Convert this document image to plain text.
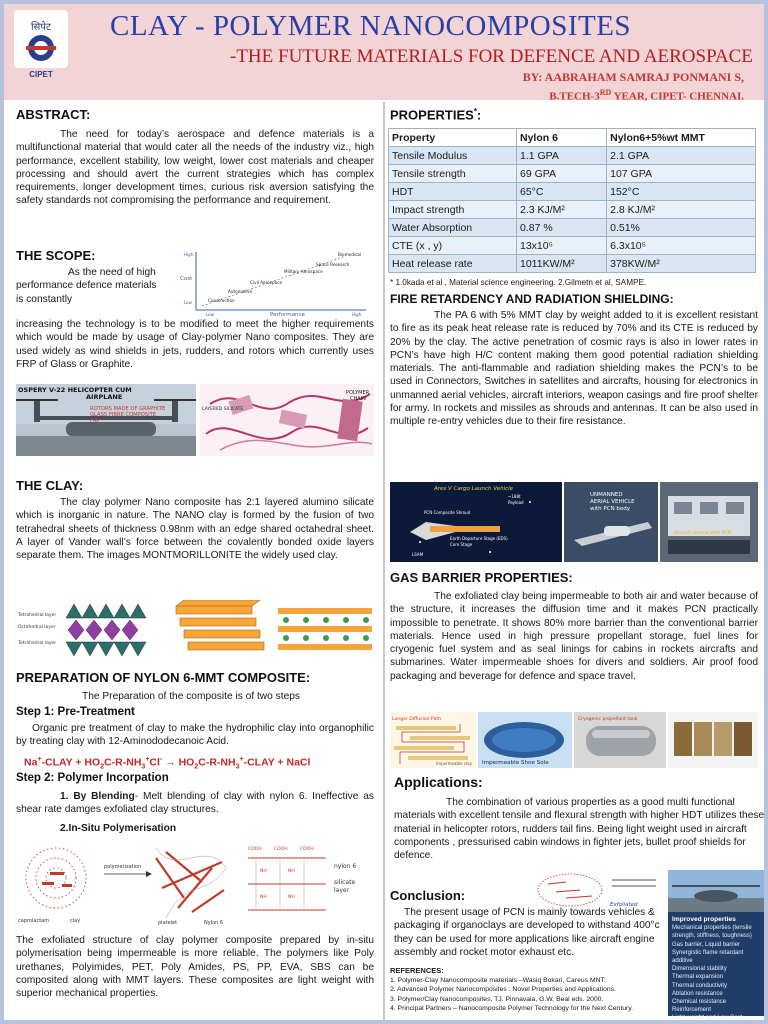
सिपेट
CIPET
CLAY - POLYMER NANOCOMPOSITES
-THE FUTURE MATERIALS FOR DEFENCE AND AEROSPACE
BY: AABRAHAM SAMRAJ PONMANI S,
B.TECH-3RD YEAR, CIPET- CHENNAI.
ABSTRACT:
The need for today’s aerospace and defence materials is a multifunctional material that would cater all the needs of the industry viz., high performance, excellent stability, low weight, lower cost materials and cheaper processing and should avert the current strategies which has complex requirements, longer development times, curious risk aversion satisfying the safety standards not compromising the performance and requirement.
THE SCOPE:
As the need of high performance defence materials is constantly
Cost
High
Low
Low	Performance	High
Construction
Automotive
Civil Aerospace
Military Aerospace
Space Research
Biomedical
increasing the technology is to be modified to meet the higher requirements which would be made by usage of Clay-polymer Nano composites. They are used widely as wind shields in jets, rudders, and rotors which currently uses FRP of Glass or Graphite.
OSPERY V-22 HELICOPTER CUM
AIRPLANE
ROTORS MADE OF GRAPHITE
GLASS FIBRE COMPOSITE
FRP
POLYMER
CHAIN
LAYERED SILICATE
THE CLAY:
The clay polymer Nano composite has 2:1 layered alumino silicate which is inorganic in nature. The NANO clay is formed by the fusion of two tetrahedral sheets of thickness 0.98nm with an edge shared octahedral sheet. A layer of Vander wall’s force between the covalently bonded oxide layers separate them. The images MONTMORILLONITE the widely used clay.
Tetrahedral layer
Octahedral layer
Tetrahedral layer
PREPARATION OF NYLON 6-MMT COMPOSITE:
The Preparation of the composite is of two steps
Step 1: Pre-Treatment
Organic pre treatment of clay to make the hydrophilic clay into organophilic by treating clay with 12-Aminododecanoic Acid.
Na+-CLAY + $HO_2C-R-NH_3^+Cl^-$ → $HO_2C-R-NH_3^+$-CLAY + NaCl
Step 2: Polymer Incorpation
1. By Blending- Melt blending of clay with nylon 6. Ineffective as shear rate damges exfoliated clay structures.
2.In-Situ Polymerisation
caprolactam	clay
polymerization
platelet	Nylon 6
COOH	COOH	COOH
NH	NH
NH	NH
nylon 6
silicate
layer
The exfoliated structure of clay polymer composite prepared by in-situ polymerisation being impermeable is more reliable. The polymers like Poly urethanes, Polyimides, PET, Poly Amides, PS, PP, EVA, SBS can be composited along with MMT layers. These composites are light weight with superior mechanical properties.
PROPERTIES*:
Property	Nylon 6	Nylon6+5%wt MMT
Tensile Modulus	1.1 GPA	2.1 GPA
Tensile strength	69 GPA	107 GPA
HDT	65°C	152°C
Impact strength	2.3 KJ/M²	2.8 KJ/M²
Water Absorption	0.87 %	0.51%
CTE (x , y)	13x10⁵	6.3x10⁵
Heat release rate	1011KW/M²	378KW/M²
* 1.0kada et al , Material science engineering. 2.Gilmetn et al, SAMPE.
FIRE RETARDENCY AND RADIATION SHIELDING:
The PA 6 with 5% MMT clay by weight added to it is excellent resistant to fire as its peak heat release rate is reduced by 70% and its CTE is reduced by 20% by the clay. The active penetration of cosmic rays is also in lower rates in PCN’s have high H/C content making them good potential radiation shielding materials. The anti-flammable and radiation shielding makes the PCN’s to be used in Connectors, Switches in satellites and aircrafts, housing for electronics in unmanned aerial vehicles, aircraft interiors, weapon casings and fire proof shelter for army. In rockets and missiles as shrouds and antennas. It can be also used in multiple re-entry vehicles due to their fire resistance.
Ares V Cargo Launch Vehicle
PCN Composite Shroud
Earth Departure Stage (EDS)
Core Stage
LSAM
~188t
Payload
UNMANNED
AERIAL VEHICLE
with PCN body
Aircraft interior with PCN
GAS BARRIER PROPERTIES:
The exfoliated clay being impermeable to both air and water because of the structure, it increases the diffusion time and it makes PCN practically impossible to penetrate. It shows 80% more barrier than the conventional barrier materials. Hence used in high pressure propellant storage, fuel lines for cryogenic fuel system and as seal linings for cabins in rockets aircrafts and submarines. Water impermeable shoes for divers and soldiers. Air proof food packaging and beverage for defence and space travel.
Longer Diffusion Path
Impermeable clay Impermeable Shoe Sole
Cryogenic propellant tank
Applications:
The combination of various properties as a good multi functional materials with excellent tensile and flexural strength with higher HDT utilizes these material in helicopter rotors, rudders tail fins. Being light weight used in aircraft components , pressurised cabin windows in fighter jets, bullet proof shields for defence.
Conclusion:
Exfoliated
The present usage of PCN is mainly towards vehicles & packaging if organoclays are developed to withstand 400°c they can be used for more applications like aircraft engine assembly and rocket motor exhaust etc.
REFERENCES:
1. Polymer-Clay Nanocomposite materials –Wasiq Bokari, Careus MNT.
2. Advanced Polymer Nanocomposites : Novel Properties and Applications.
3. Polymer/Clay Nanocomposites, TJ. Pinnavaia, G.W. Beal eds. 2000.
4. Principal Partners – Nanocomposite Polymer Technology for the Next Century.
Improved properties
Mechanical properties (tensile
strength, stiffness, toughness)
Gas barrier, Liquid barrier
Synergistic flame retardant additive
Dimensional stability
Thermal expansion
Thermal conductivity
Ablation resistance
Chemical resistance
Reinforcement
Light weight and Low Cost
